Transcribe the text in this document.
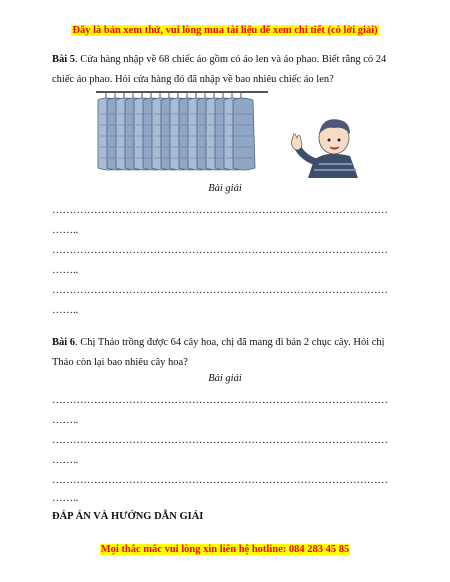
Đây là bản xem thử, vui lòng mua tài liệu để xem chi tiết (có lời giải)
Bài 5. Cửa hàng nhập về 68 chiếc áo gồm có áo len và áo phao. Biết rằng có 24 chiếc áo phao. Hỏi cửa hàng đó đã nhập về bao nhiêu chiếc áo len?
Bài giải
……………………………………………………………………………………
……..
……………………………………………………………………………………
……..
……………………………………………………………………………………
……..
Bài 6. Chị Thảo trồng được 64 cây hoa, chị đã mang đi bán 2 chục cây. Hỏi chị Thảo còn lại bao nhiêu cây hoa?
Bài giải
……………………………………………………………………………………
……..
……………………………………………………………………………………
……..
……………………………………………………………………………………
……..
ĐÁP ÁN VÀ HƯỚNG DẪN GIẢI
Mọi thắc mắc vui lòng xin liên hệ hotline: 084 283 45 85
